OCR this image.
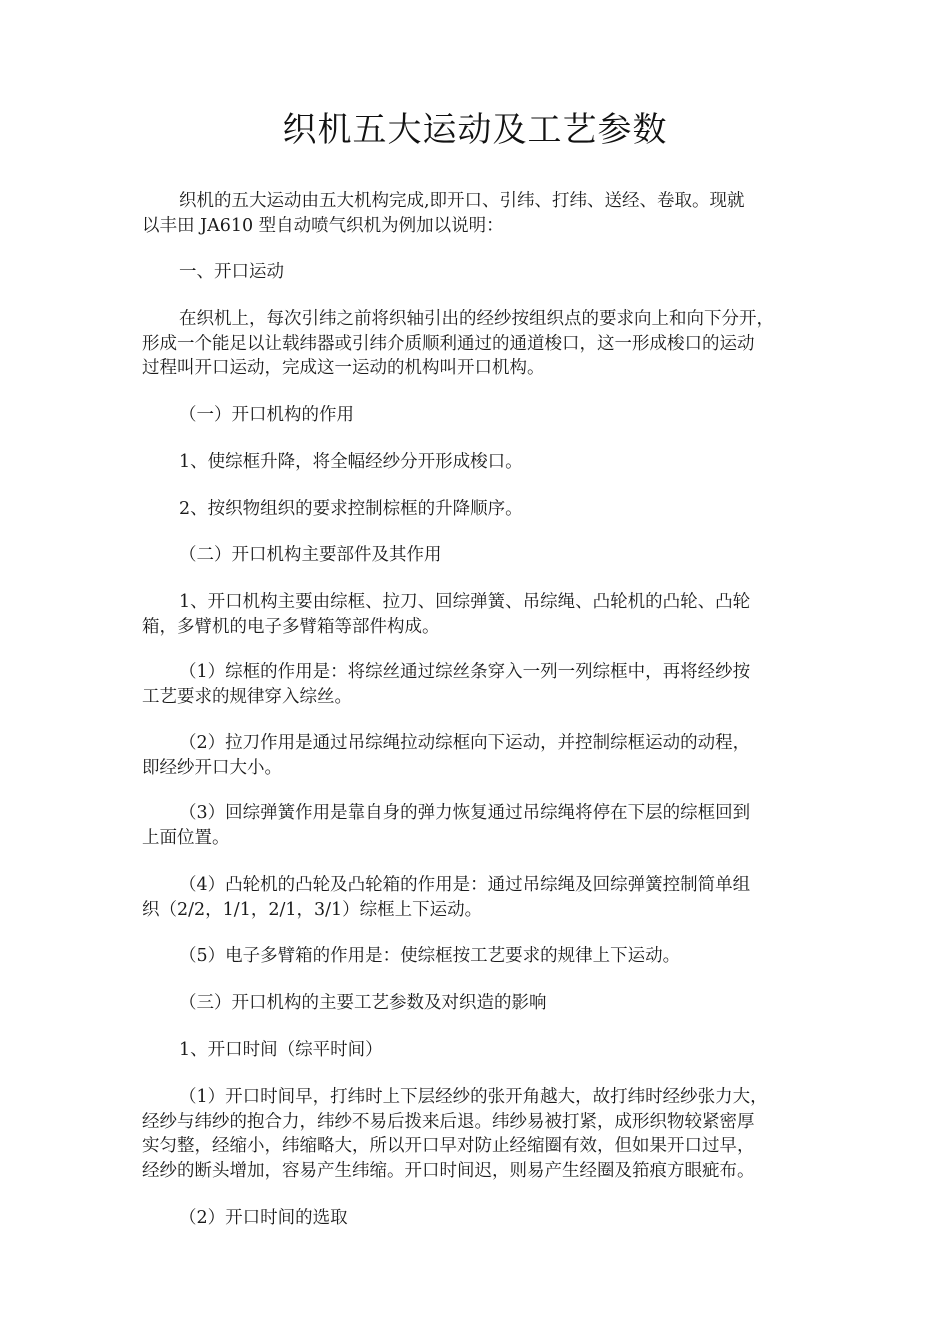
织机五大运动及工艺参数
织机的五大运动由五大机构完成,即开口、引纬、打纬、送经、卷取。现就
以丰田 JA610 型自动喷气织机为例加以说明：
一、开口运动
在织机上，每次引纬之前将织轴引出的经纱按组织点的要求向上和向下分开，
形成一个能足以让载纬器或引纬介质顺利通过的通道梭口，这一形成梭口的运动
过程叫开口运动，完成这一运动的机构叫开口机构。
（一）开口机构的作用
1、使综框升降，将全幅经纱分开形成梭口。
2、按织物组织的要求控制棕框的升降顺序。
（二）开口机构主要部件及其作用
1、开口机构主要由综框、拉刀、回综弹簧、吊综绳、凸轮机的凸轮、凸轮
箱，多臂机的电子多臂箱等部件构成。
（1）综框的作用是：将综丝通过综丝条穿入一列一列综框中，再将经纱按
工艺要求的规律穿入综丝。
（2）拉刀作用是通过吊综绳拉动综框向下运动，并控制综框运动的动程，
即经纱开口大小。
（3）回综弹簧作用是靠自身的弹力恢复通过吊综绳将停在下层的综框回到
上面位置。
（4）凸轮机的凸轮及凸轮箱的作用是：通过吊综绳及回综弹簧控制简单组
织（2/2，1/1，2/1，3/1）综框上下运动。
（5）电子多臂箱的作用是：使综框按工艺要求的规律上下运动。
（三）开口机构的主要工艺参数及对织造的影响
1、开口时间（综平时间）
（1）开口时间早，打纬时上下层经纱的张开角越大，故打纬时经纱张力大，
经纱与纬纱的抱合力，纬纱不易后拨来后退。纬纱易被打紧，成形织物较紧密厚
实匀整，经缩小，纬缩略大，所以开口早对防止经缩圈有效，但如果开口过早，
经纱的断头增加，容易产生纬缩。开口时间迟，则易产生经圈及筘痕方眼疵布。
（2）开口时间的选取
